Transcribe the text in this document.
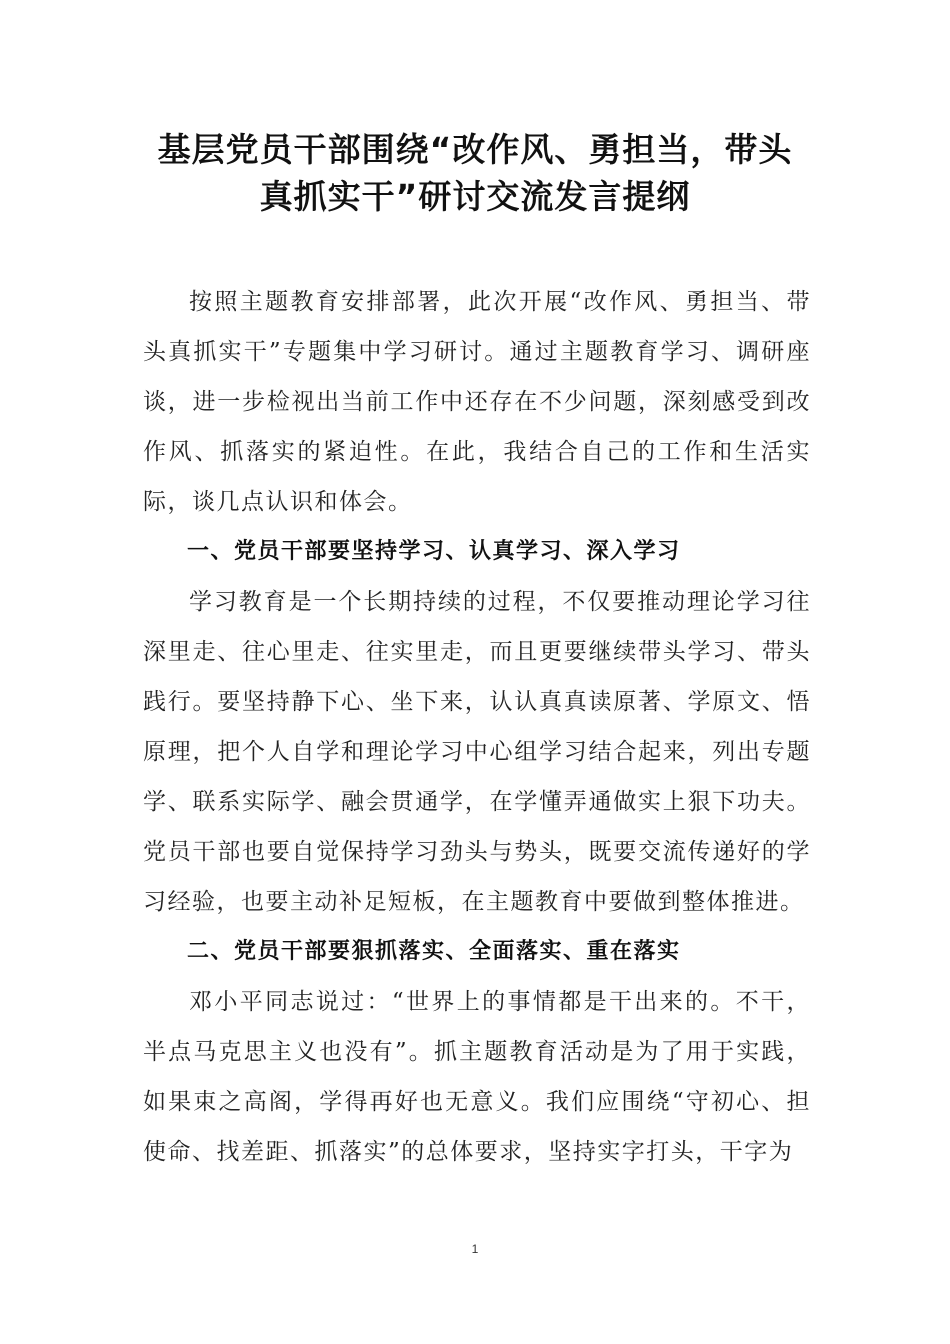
基层党员干部围绕“改作风、勇担当，带头
真抓实干”研讨交流发言提纲

按照主题教育安排部署，此次开展“改作风、勇担当、带头真抓实干”专题集中学习研讨。通过主题教育学习、调研座谈，进一步检视出当前工作中还存在不少问题，深刻感受到改作风、抓落实的紧迫性。在此，我结合自己的工作和生活实际，谈几点认识和体会。

一、党员干部要坚持学习、认真学习、深入学习

学习教育是一个长期持续的过程，不仅要推动理论学习往深里走、往心里走、往实里走，而且更要继续带头学习、带头践行。要坚持静下心、坐下来，认认真真读原著、学原文、悟原理，把个人自学和理论学习中心组学习结合起来，列出专题学、联系实际学、融会贯通学，在学懂弄通做实上狠下功夫。党员干部也要自觉保持学习劲头与势头，既要交流传递好的学习经验，也要主动补足短板，在主题教育中要做到整体推进。

二、党员干部要狠抓落实、全面落实、重在落实

邓小平同志说过：“世界上的事情都是干出来的。不干，半点马克思主义也没有”。抓主题教育活动是为了用于实践，如果束之高阁，学得再好也无意义。我们应围绕“守初心、担使命、找差距、抓落实”的总体要求，坚持实字打头，干字为

1
